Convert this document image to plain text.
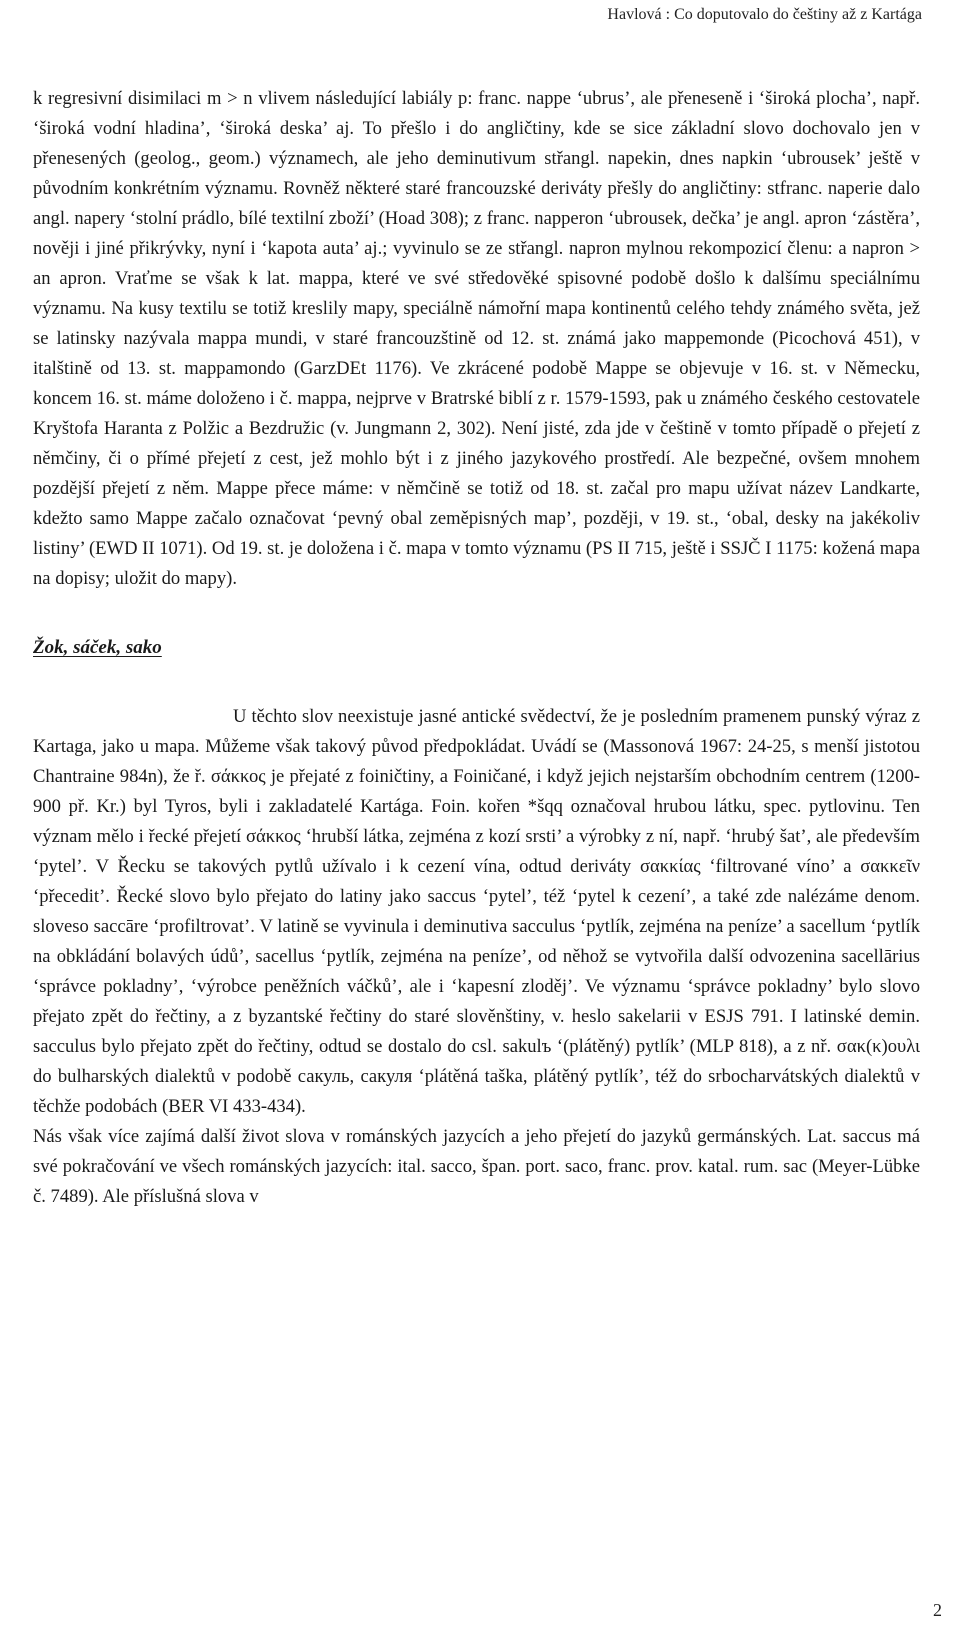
Havlová : Co doputovalo do češtiny až z Kartága

k regresivní disimilaci m > n vlivem následující labiály p: franc. nappe ‘ubrus’, ale přeneseně i ‘široká plocha’, např. ‘široká vodní hladina’, ‘široká deska’ aj. To přešlo i do angličtiny, kde se sice základní slovo dochovalo jen v přenesených (geolog., geom.) významech, ale jeho deminutivum střangl. napekin, dnes napkin ‘ubrousek’ ještě v původním konkrétním významu. Rovněž některé staré francouzské deriváty přešly do angličtiny: stfranc. naperie dalo angl. napery ‘stolní prádlo, bílé textilní zboží’ (Hoad 308); z franc. napperon ‘ubrousek, dečka’ je angl. apron ‘zástěra’, nověji i jiné přikrývky, nyní i ‘kapota auta’ aj.; vyvinulo se ze střangl. napron mylnou rekompozicí členu: a napron > an apron. Vraťme se však k lat. mappa, které ve své středověké spisovné podobě došlo k dalšímu speciálnímu významu. Na kusy textilu se totiž kreslily mapy, speciálně námořní mapa kontinentů celého tehdy známého světa, jež se latinsky nazývala mappa mundi, v staré francouzštině od 12. st. známá jako mappemonde (Picochová 451), v italštině od 13. st. mappamondo (GarzDEt 1176). Ve zkrácené podobě Mappe se objevuje v 16. st. v Německu, koncem 16. st. máme doloženo i č. mappa, nejprve v Bratrské biblí z r. 1579-1593, pak u známého českého cestovatele Kryštofa Haranta z Polžic a Bezdružic (v. Jungmann 2, 302). Není jisté, zda jde v češtině v tomto případě o přejetí z němčiny, či o přímé přejetí z cest, jež mohlo být i z jiného jazykového prostředí. Ale bezpečné, ovšem mnohem pozdější přejetí z něm. Mappe přece máme: v němčině se totiž od 18. st. začal pro mapu užívat název Landkarte, kdežto samo Mappe začalo označovat ‘pevný obal zeměpisných map’, později, v 19. st., ‘obal, desky na jakékoliv listiny’ (EWD II 1071). Od 19. st. je doložena i č. mapa v tomto významu (PS II 715, ještě i SSJČ I 1175: kožená mapa na dopisy; uložit do mapy).

Žok, sáček, sako

U těchto slov neexistuje jasné antické svědectví, že je posledním pramenem punský výraz z Kartaga, jako u mapa. Můžeme však takový původ předpokládat. Uvádí se (Massonová 1967: 24-25, s menší jistotou Chantraine 984n), že ř. σάκκος je přejaté z foiničtiny, a Foiničané, i když jejich nejstarším obchodním centrem (1200-900 př. Kr.) byl Tyros, byli i zakladatelé Kartága. Foin. kořen *šqq označoval hrubou látku, spec. pytlovinu. Ten význam mělo i řecké přejetí σάκκος ‘hrubší látka, zejména z kozí srsti’ a výrobky z ní, např. ‘hrubý šat’, ale především ‘pytel’. V Řecku se takových pytlů užívalo i k cezení vína, odtud deriváty σακκίας ‘filtrované víno’ a σακκεῖν ‘přecedit’. Řecké slovo bylo přejato do latiny jako saccus ‘pytel’, též ‘pytel k cezení’, a také zde nalézáme denom. sloveso saccāre ‘profiltrovat’. V latině se vyvinula i deminutiva sacculus ‘pytlík, zejména na peníze’ a sacellum ‘pytlík na obkládání bolavých údů’, sacellus ‘pytlík, zejména na peníze’, od něhož se vytvořila další odvozenina sacellārius ‘správce pokladny’, ‘výrobce peněžních váčků’, ale i ‘kapesní zloděj’. Ve významu ‘správce pokladny’ bylo slovo přejato zpět do řečtiny, a z byzantské řečtiny do staré slověnštiny, v. heslo sakelarii v ESJS 791. I latinské demin. sacculus bylo přejato zpět do řečtiny, odtud se dostalo do csl. sakulъ ‘(plátěný) pytlík’ (MLP 818), a z nř. σακ(κ)ουλι do bulharských dialektů v podobě сакуль, сакуля ‘plátěná taška, plátěný pytlík’, též do srbocharvátských dialektů v těchže podobách (BER VI 433-434).

Nás však více zajímá další život slova v románských jazycích a jeho přejetí do jazyků germánských. Lat. saccus má své pokračování ve všech románských jazycích: ital. sacco, špan. port. saco, franc. prov. katal. rum. sac (Meyer-Lübke č. 7489). Ale příslušná slova v

2
